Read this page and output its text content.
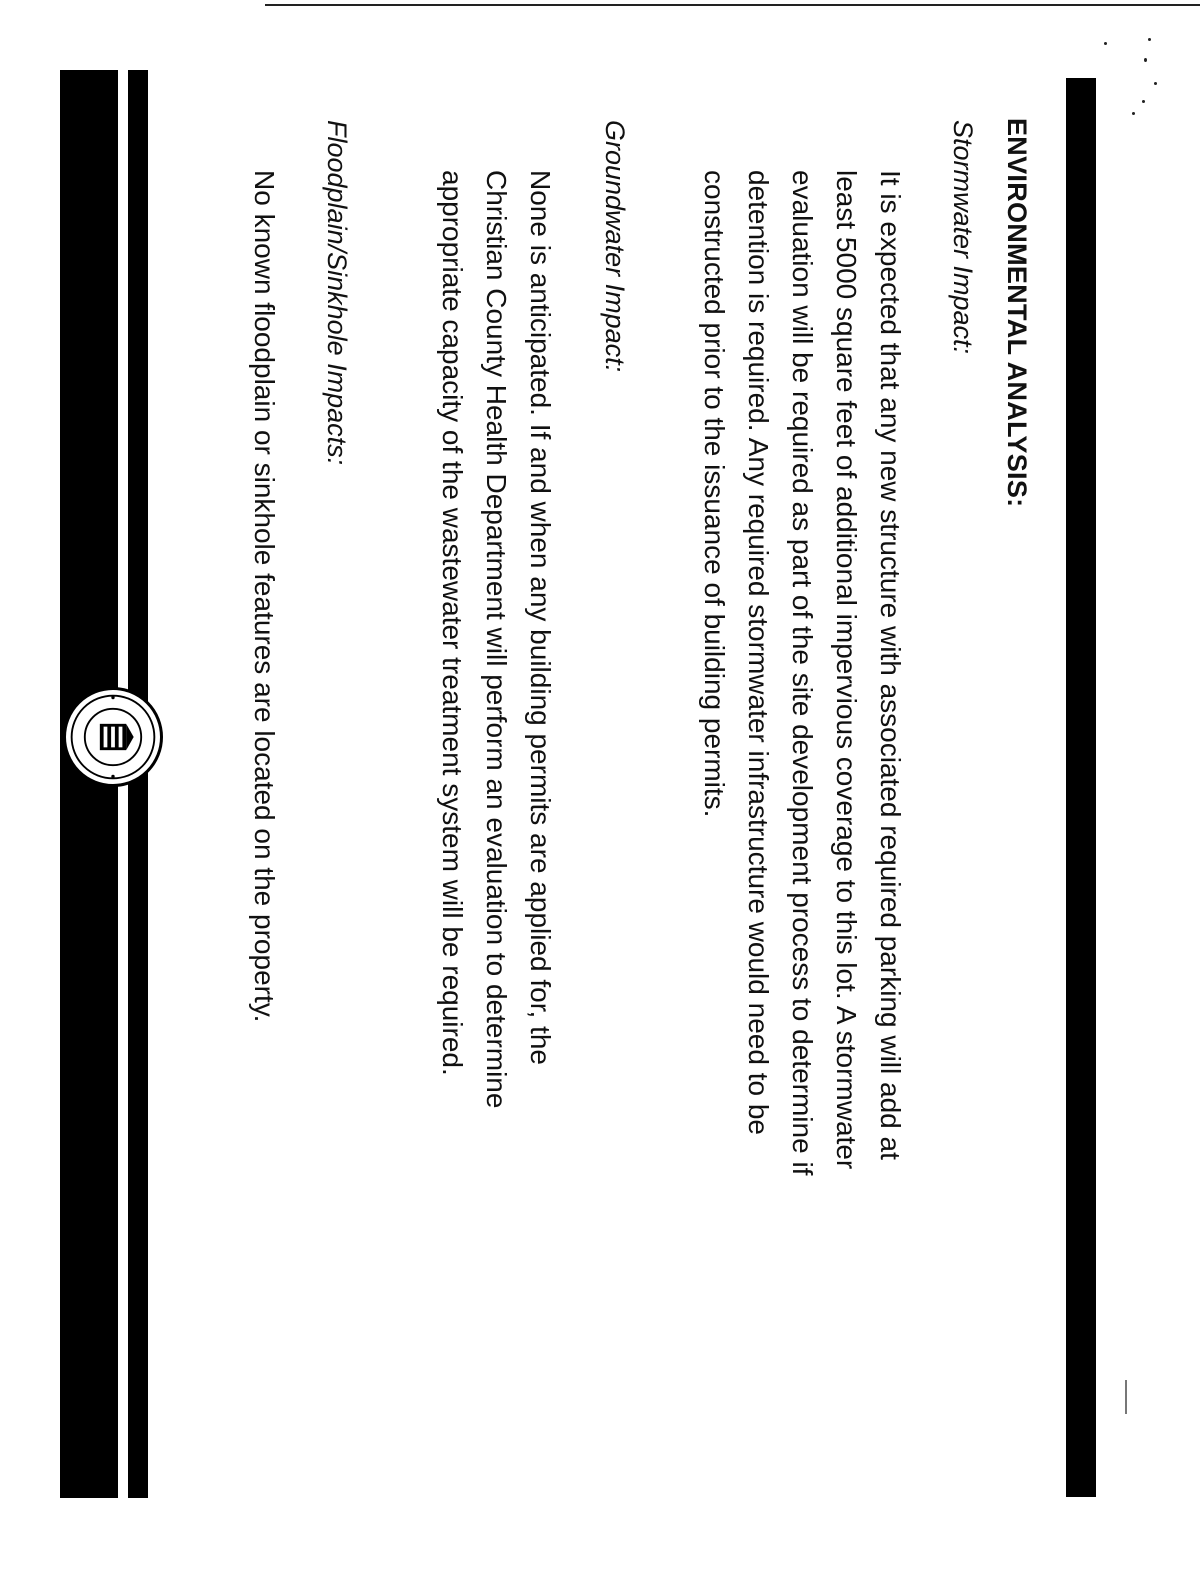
ENVIRONMENTAL ANALYSIS:
Stormwater Impact:
It is expected that any new structure with associated required parking will add at
least 5000 square feet of additional impervious coverage to this lot. A stormwater
evaluation will be required as part of the site development process to determine if
detention is required. Any required stormwater infrastructure would need to be
constructed prior to the issuance of building permits.
Groundwater Impact:
None is anticipated. If and when any building permits are applied for, the
Christian County Health Department will perform an evaluation to determine
appropriate capacity of the wastewater treatment system will be required.
Floodplain/Sinkhole Impacts:
No known floodplain or sinkhole features are located on the property.
